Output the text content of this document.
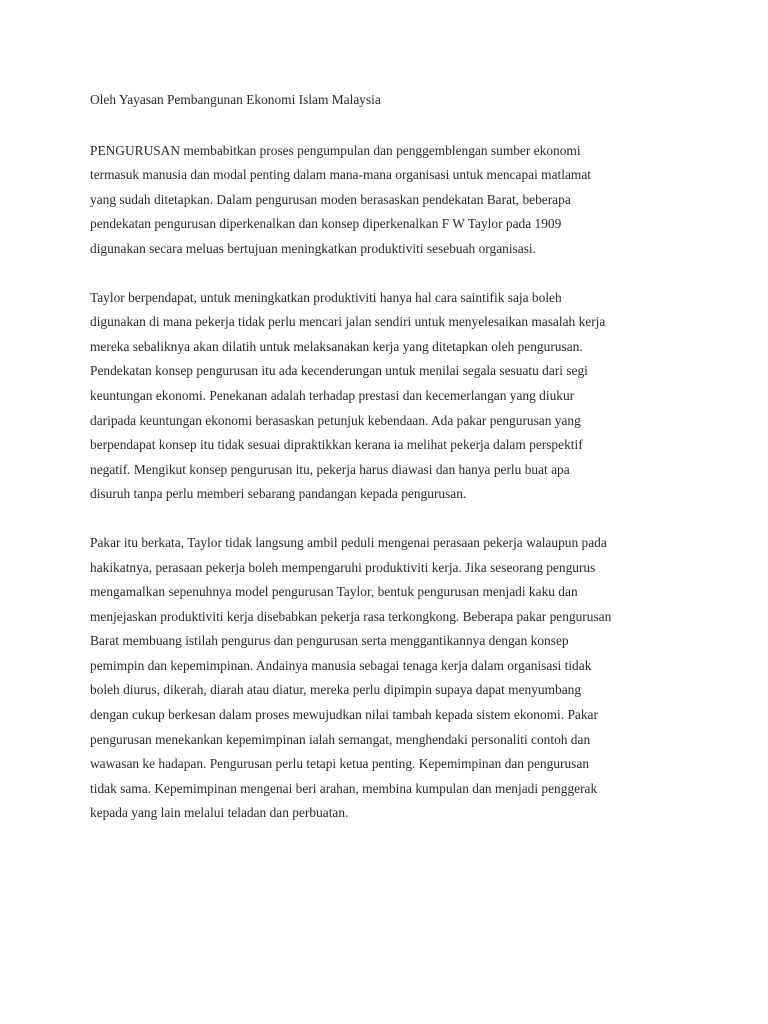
Oleh Yayasan Pembangunan Ekonomi Islam Malaysia
PENGURUSAN membabitkan proses pengumpulan dan penggemblengan sumber ekonomi
termasuk manusia dan modal penting dalam mana-mana organisasi untuk mencapai matlamat
yang sudah ditetapkan. Dalam pengurusan moden berasaskan pendekatan Barat, beberapa
pendekatan pengurusan diperkenalkan dan konsep diperkenalkan F W Taylor pada 1909
digunakan secara meluas bertujuan meningkatkan produktiviti sesebuah organisasi.
Taylor berpendapat, untuk meningkatkan produktiviti hanya hal cara saintifik saja boleh
digunakan di mana pekerja tidak perlu mencari jalan sendiri untuk menyelesaikan masalah kerja
mereka sebaliknya akan dilatih untuk melaksanakan kerja yang ditetapkan oleh pengurusan.
Pendekatan konsep pengurusan itu ada kecenderungan untuk menilai segala sesuatu dari segi
keuntungan ekonomi. Penekanan adalah terhadap prestasi dan kecemerlangan yang diukur
daripada keuntungan ekonomi berasaskan petunjuk kebendaan. Ada pakar pengurusan yang
berpendapat konsep itu tidak sesuai dipraktikkan kerana ia melihat pekerja dalam perspektif
negatif. Mengikut konsep pengurusan itu, pekerja harus diawasi dan hanya perlu buat apa
disuruh tanpa perlu memberi sebarang pandangan kepada pengurusan.
Pakar itu berkata, Taylor tidak langsung ambil peduli mengenai perasaan pekerja walaupun pada
hakikatnya, perasaan pekerja boleh mempengaruhi produktiviti kerja. Jika seseorang pengurus
mengamalkan sepenuhnya model pengurusan Taylor, bentuk pengurusan menjadi kaku dan
menjejaskan produktiviti kerja disebabkan pekerja rasa terkongkong. Beberapa pakar pengurusan
Barat membuang istilah pengurus dan pengurusan serta menggantikannya dengan konsep
pemimpin dan kepemimpinan. Andainya manusia sebagai tenaga kerja dalam organisasi tidak
boleh diurus, dikerah, diarah atau diatur, mereka perlu dipimpin supaya dapat menyumbang
dengan cukup berkesan dalam proses mewujudkan nilai tambah kepada sistem ekonomi. Pakar
pengurusan menekankan kepemimpinan ialah semangat, menghendaki personaliti contoh dan
wawasan ke hadapan. Pengurusan perlu tetapi ketua penting. Kepemimpinan dan pengurusan
tidak sama. Kepemimpinan mengenai beri arahan, membina kumpulan dan menjadi penggerak
kepada yang lain melalui teladan dan perbuatan.
